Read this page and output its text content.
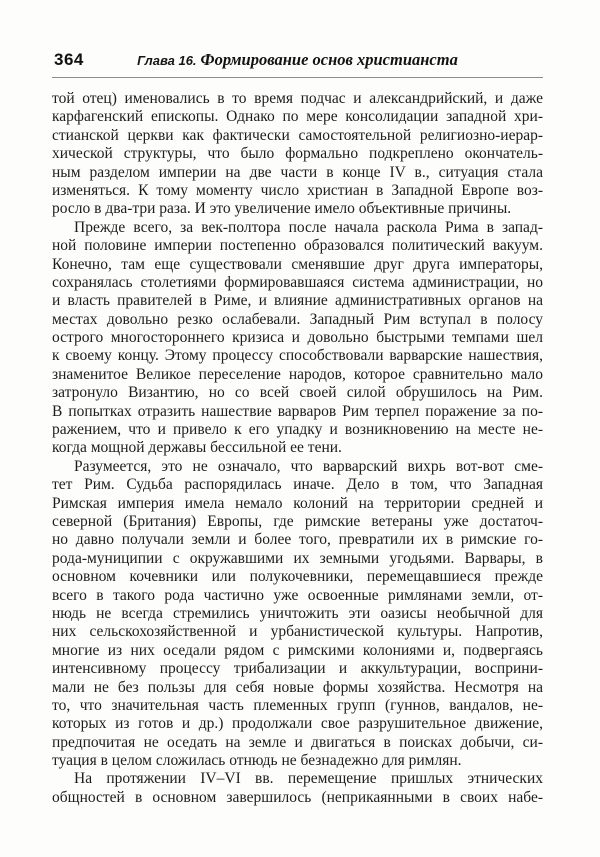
364	Глава 16. Формирование основ христианста
той отец) именовались в то время подчас и александрийский, и даже
карфагенский епископы. Однако по мере консолидации западной хри-
стианской церкви как фактически самостоятельной религиозно-иерар-
хической структуры, что было формально подкреплено окончатель-
ным разделом империи на две части в конце IV в., ситуация стала
изменяться. К тому моменту число христиан в Западной Европе воз-
росло в два-три раза. И это увеличение имело объективные причины.
Прежде всего, за век-полтора после начала раскола Рима в запад-
ной половине империи постепенно образовался политический вакуум.
Конечно, там еще существовали сменявшие друг друга императоры,
сохранялась столетиями формировавшаяся система администрации, но
и власть правителей в Риме, и влияние административных органов на
местах довольно резко ослабевали. Западный Рим вступал в полосу
острого многостороннего кризиса и довольно быстрыми темпами шел
к своему концу. Этому процессу способствовали варварские нашествия,
знаменитое Великое переселение народов, которое сравнительно мало
затронуло Византию, но со всей своей силой обрушилось на Рим.
В попытках отразить нашествие варваров Рим терпел поражение за по-
ражением, что и привело к его упадку и возникновению на месте не-
когда мощной державы бессильной ее тени.
Разумеется, это не означало, что варварский вихрь вот-вот сме-
тет Рим. Судьба распорядилась иначе. Дело в том, что Западная
Римская империя имела немало колоний на территории средней и
северной (Британия) Европы, где римские ветераны уже достаточ-
но давно получали земли и более того, превратили их в римские го-
рода-муниципии с окружавшими их земными угодьями. Варвары, в
основном кочевники или полукочевники, перемещавшиеся прежде
всего в такого рода частично уже освоенные римлянами земли, от-
нюдь не всегда стремились уничтожить эти оазисы необычной для
них сельскохозяйственной и урбанистической культуры. Напротив,
многие из них оседали рядом с римскими колониями и, подвергаясь
интенсивному процессу трибализации и аккультурации, восприни-
мали не без пользы для себя новые формы хозяйства. Несмотря на
то, что значительная часть племенных групп (гуннов, вандалов, не-
которых из готов и др.) продолжали свое разрушительное движение,
предпочитая не оседать на земле и двигаться в поисках добычи, си-
туация в целом сложилась отнюдь не безнадежно для римлян.
На протяжении IV–VI вв. перемещение пришлых этнических
общностей в основном завершилось (неприкаянными в своих набе-
